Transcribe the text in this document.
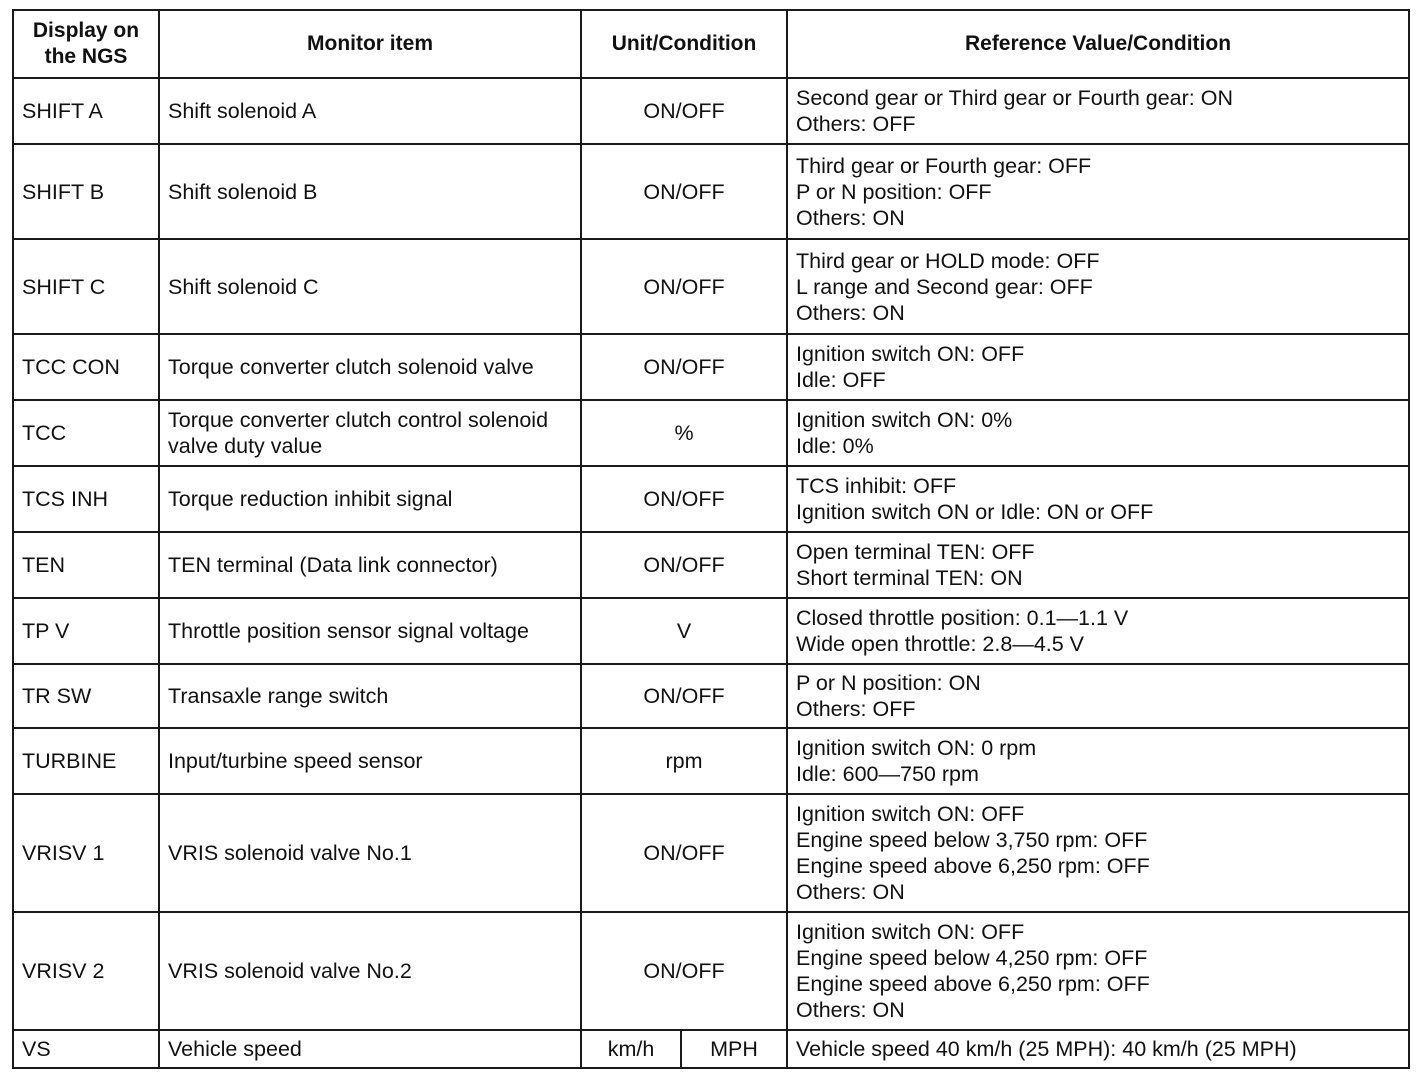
Display on the NGS	Monitor item	Unit/Condition		Reference Value/Condition
SHIFT A	Shift solenoid A	ON/OFF		Second gear or Third gear or Fourth gear: ON
Others: OFF

SHIFT B	Shift solenoid B	ON/OFF		Third gear or Fourth gear: OFF
P or N position: OFF
Others: ON

SHIFT C	Shift solenoid C	ON/OFF		Third gear or HOLD mode: OFF
L range and Second gear: OFF
Others: ON

TCC CON	Torque converter clutch solenoid valve	ON/OFF		Ignition switch ON: OFF
Idle: OFF

TCC	Torque converter clutch control solenoid valve duty value	%		Ignition switch ON: 0%
Idle: 0%

TCS INH	Torque reduction inhibit signal	ON/OFF		TCS inhibit: OFF
Ignition switch ON or Idle: ON or OFF

TEN	TEN terminal (Data link connector)	ON/OFF		Open terminal TEN: OFF
Short terminal TEN: ON

TP V	Throttle position sensor signal voltage	V		Closed throttle position: 0.1—1.1 V
Wide open throttle: 2.8—4.5 V

TR SW	Transaxle range switch	ON/OFF		P or N position: ON
Others: OFF

TURBINE	Input/turbine speed sensor	rpm		Ignition switch ON: 0 rpm
Idle: 600—750 rpm

VRISV 1	VRIS solenoid valve No.1	ON/OFF		Ignition switch ON: OFF
Engine speed below 3,750 rpm: OFF
Engine speed above 6,250 rpm: OFF
Others: ON

VRISV 2	VRIS solenoid valve No.2	ON/OFF		Ignition switch ON: OFF
Engine speed below 4,250 rpm: OFF
Engine speed above 6,250 rpm: OFF
Others: ON

VS	Vehicle speed	km/h	MPH	Vehicle speed 40 km/h (25 MPH): 40 km/h (25 MPH)
